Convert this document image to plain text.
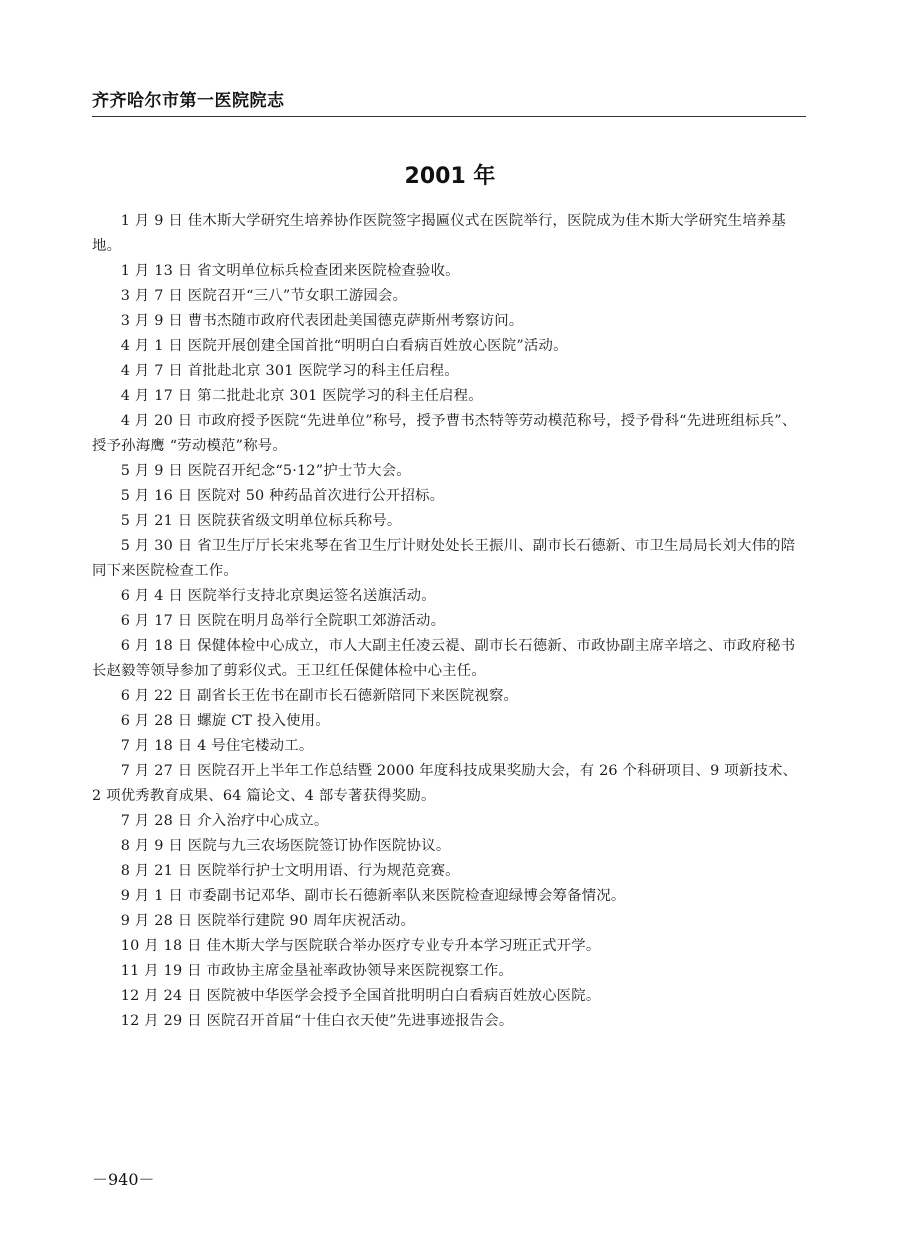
齐齐哈尔市第一医院院志
2001 年

1 月 9 日 佳木斯大学研究生培养协作医院签字揭匾仪式在医院举行，医院成为佳木斯大学研究生培养基地。

1 月 13 日 省文明单位标兵检查团来医院检查验收。

3 月 7 日 医院召开“三八”节女职工游园会。

3 月 9 日 曹书杰随市政府代表团赴美国德克萨斯州考察访问。

4 月 1 日 医院开展创建全国首批“明明白白看病百姓放心医院”活动。

4 月 7 日 首批赴北京 301 医院学习的科主任启程。

4 月 17 日 第二批赴北京 301 医院学习的科主任启程。

4 月 20 日 市政府授予医院“先进单位”称号，授予曹书杰特等劳动模范称号，授予骨科“先进班组标兵”、授予孙海鹰 “劳动模范”称号。

5 月 9 日 医院召开纪念“5·12”护士节大会。

5 月 16 日 医院对 50 种药品首次进行公开招标。

5 月 21 日 医院获省级文明单位标兵称号。

5 月 30 日 省卫生厅厅长宋兆琴在省卫生厅计财处处长王振川、副市长石德新、市卫生局局长刘大伟的陪同下来医院检查工作。

6 月 4 日 医院举行支持北京奥运签名送旗活动。

6 月 17 日 医院在明月岛举行全院职工郊游活动。

6 月 18 日 保健体检中心成立，市人大副主任凌云褆、副市长石德新、市政协副主席辛培之、市政府秘书长赵毅等领导参加了剪彩仪式。王卫红任保健体检中心主任。

6 月 22 日 副省长王佐书在副市长石德新陪同下来医院视察。

6 月 28 日 螺旋 CT 投入使用。

7 月 18 日 4 号住宅楼动工。

7 月 27 日 医院召开上半年工作总结暨 2000 年度科技成果奖励大会，有 26 个科研项目、9 项新技术、2 项优秀教育成果、64 篇论文、4 部专著获得奖励。

7 月 28 日 介入治疗中心成立。

8 月 9 日 医院与九三农场医院签订协作医院协议。

8 月 21 日 医院举行护士文明用语、行为规范竞赛。

9 月 1 日 市委副书记邓华、副市长石德新率队来医院检查迎绿博会筹备情况。

9 月 28 日 医院举行建院 90 周年庆祝活动。

10 月 18 日 佳木斯大学与医院联合举办医疗专业专升本学习班正式开学。

11 月 19 日 市政协主席金垦祉率政协领导来医院视察工作。

12 月 24 日 医院被中华医学会授予全国首批明明白白看病百姓放心医院。

12 月 29 日 医院召开首届“十佳白衣天使”先进事迹报告会。

－940－
